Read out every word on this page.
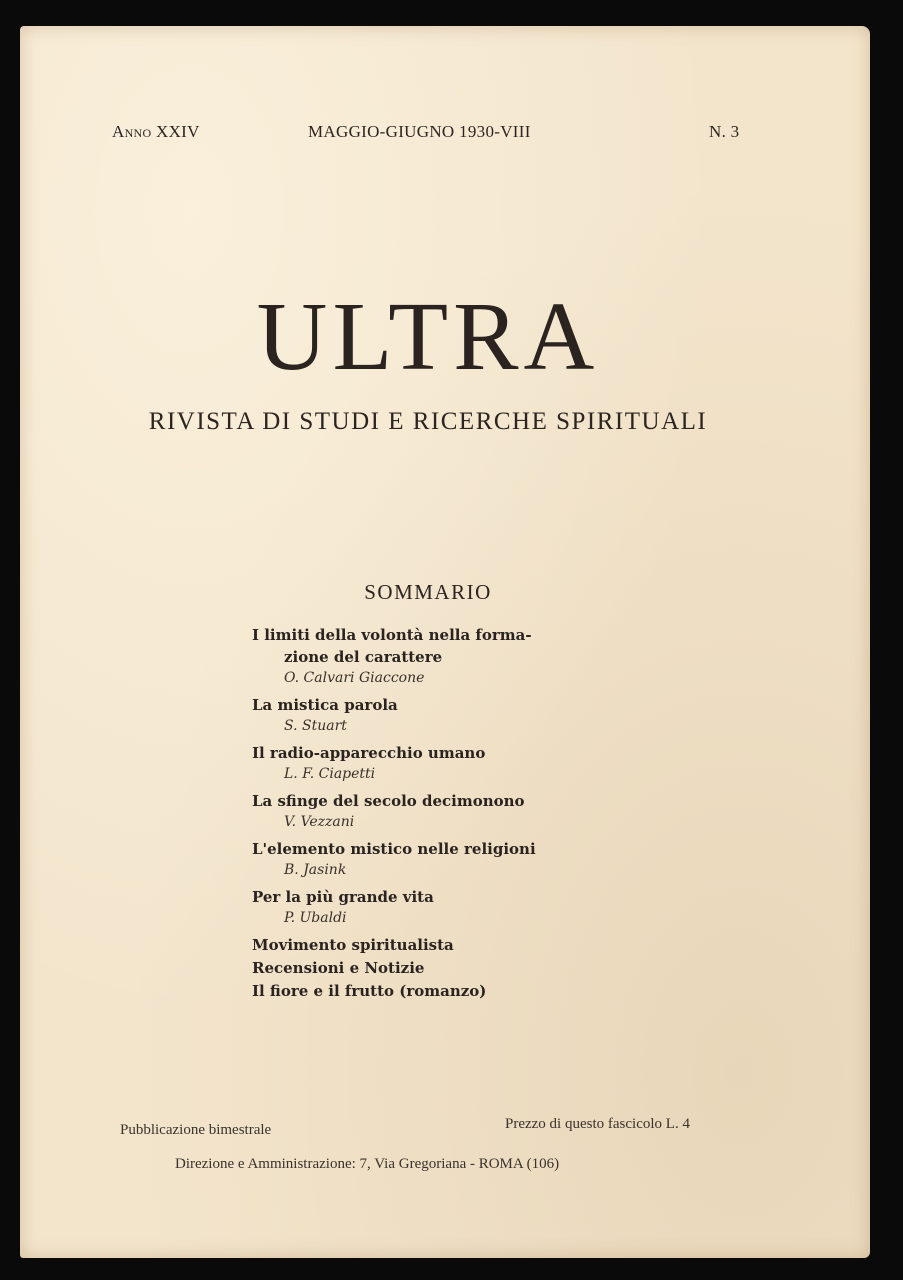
Anno XXIV	MAGGIO-GIUGNO 1930-VIII	N. 3
ULTRA
RIVISTA DI STUDI E RICERCHE SPIRITUALI
SOMMARIO
I limiti della volontà nella forma-
zione del carattere
O. Calvari Giaccone
La mistica parola
S. Stuart
Il radio-apparecchio umano
L. F. Ciapetti
La sfinge del secolo decimonono
V. Vezzani
L'elemento mistico nelle religioni
B. Jasink
Per la più grande vita
P. Ubaldi
Movimento spiritualista
Recensioni e Notizie
Il fiore e il frutto (romanzo)
Pubblicazione bimestrale	Prezzo di questo fascicolo L. 4
Direzione e Amministrazione: 7, Via Gregoriana - ROMA (106)
